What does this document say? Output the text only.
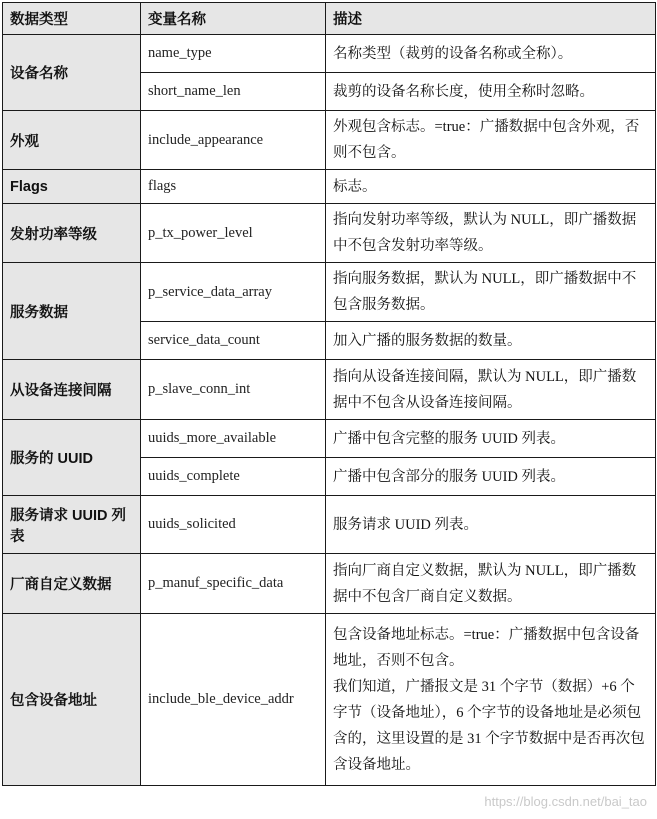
数据类型	变量名称	描述
设备名称	name_type	名称类型（裁剪的设备名称或全称）。

	short_name_len	裁剪的设备名称长度，使用全称时忽略。

外观	include_appearance	外观包含标志。=true：广播数据中包含外观，否则不包含。

Flags	flags	标志。

发射功率等级	p_tx_power_level	指向发射功率等级，默认为 NULL，即广播数据中不包含发射功率等级。

服务数据	p_service_data_array	指向服务数据，默认为 NULL，即广播数据中不包含服务数据。

	service_data_count	加入广播的服务数据的数量。

从设备连接间隔	p_slave_conn_int	指向从设备连接间隔，默认为 NULL，即广播数据中不包含从设备连接间隔。

服务的 UUID	uuids_more_available	广播中包含完整的服务 UUID 列表。

	uuids_complete	广播中包含部分的服务 UUID 列表。

服务请求 UUID 列表	uuids_solicited	服务请求 UUID 列表。

厂商自定义数据	p_manuf_specific_data	指向厂商自定义数据，默认为 NULL，即广播数据中不包含厂商自定义数据。

包含设备地址	include_ble_device_addr	包含设备地址标志。=true：广播数据中包含设备地址，否则不包含。

我们知道，广播报文是 31 个字节（数据）+6 个字节（设备地址），6 个字节的设备地址是必须包含的，这里设置的是 31 个字节数据中是否再次包含设备地址。

https://blog.csdn.net/bai_tao
